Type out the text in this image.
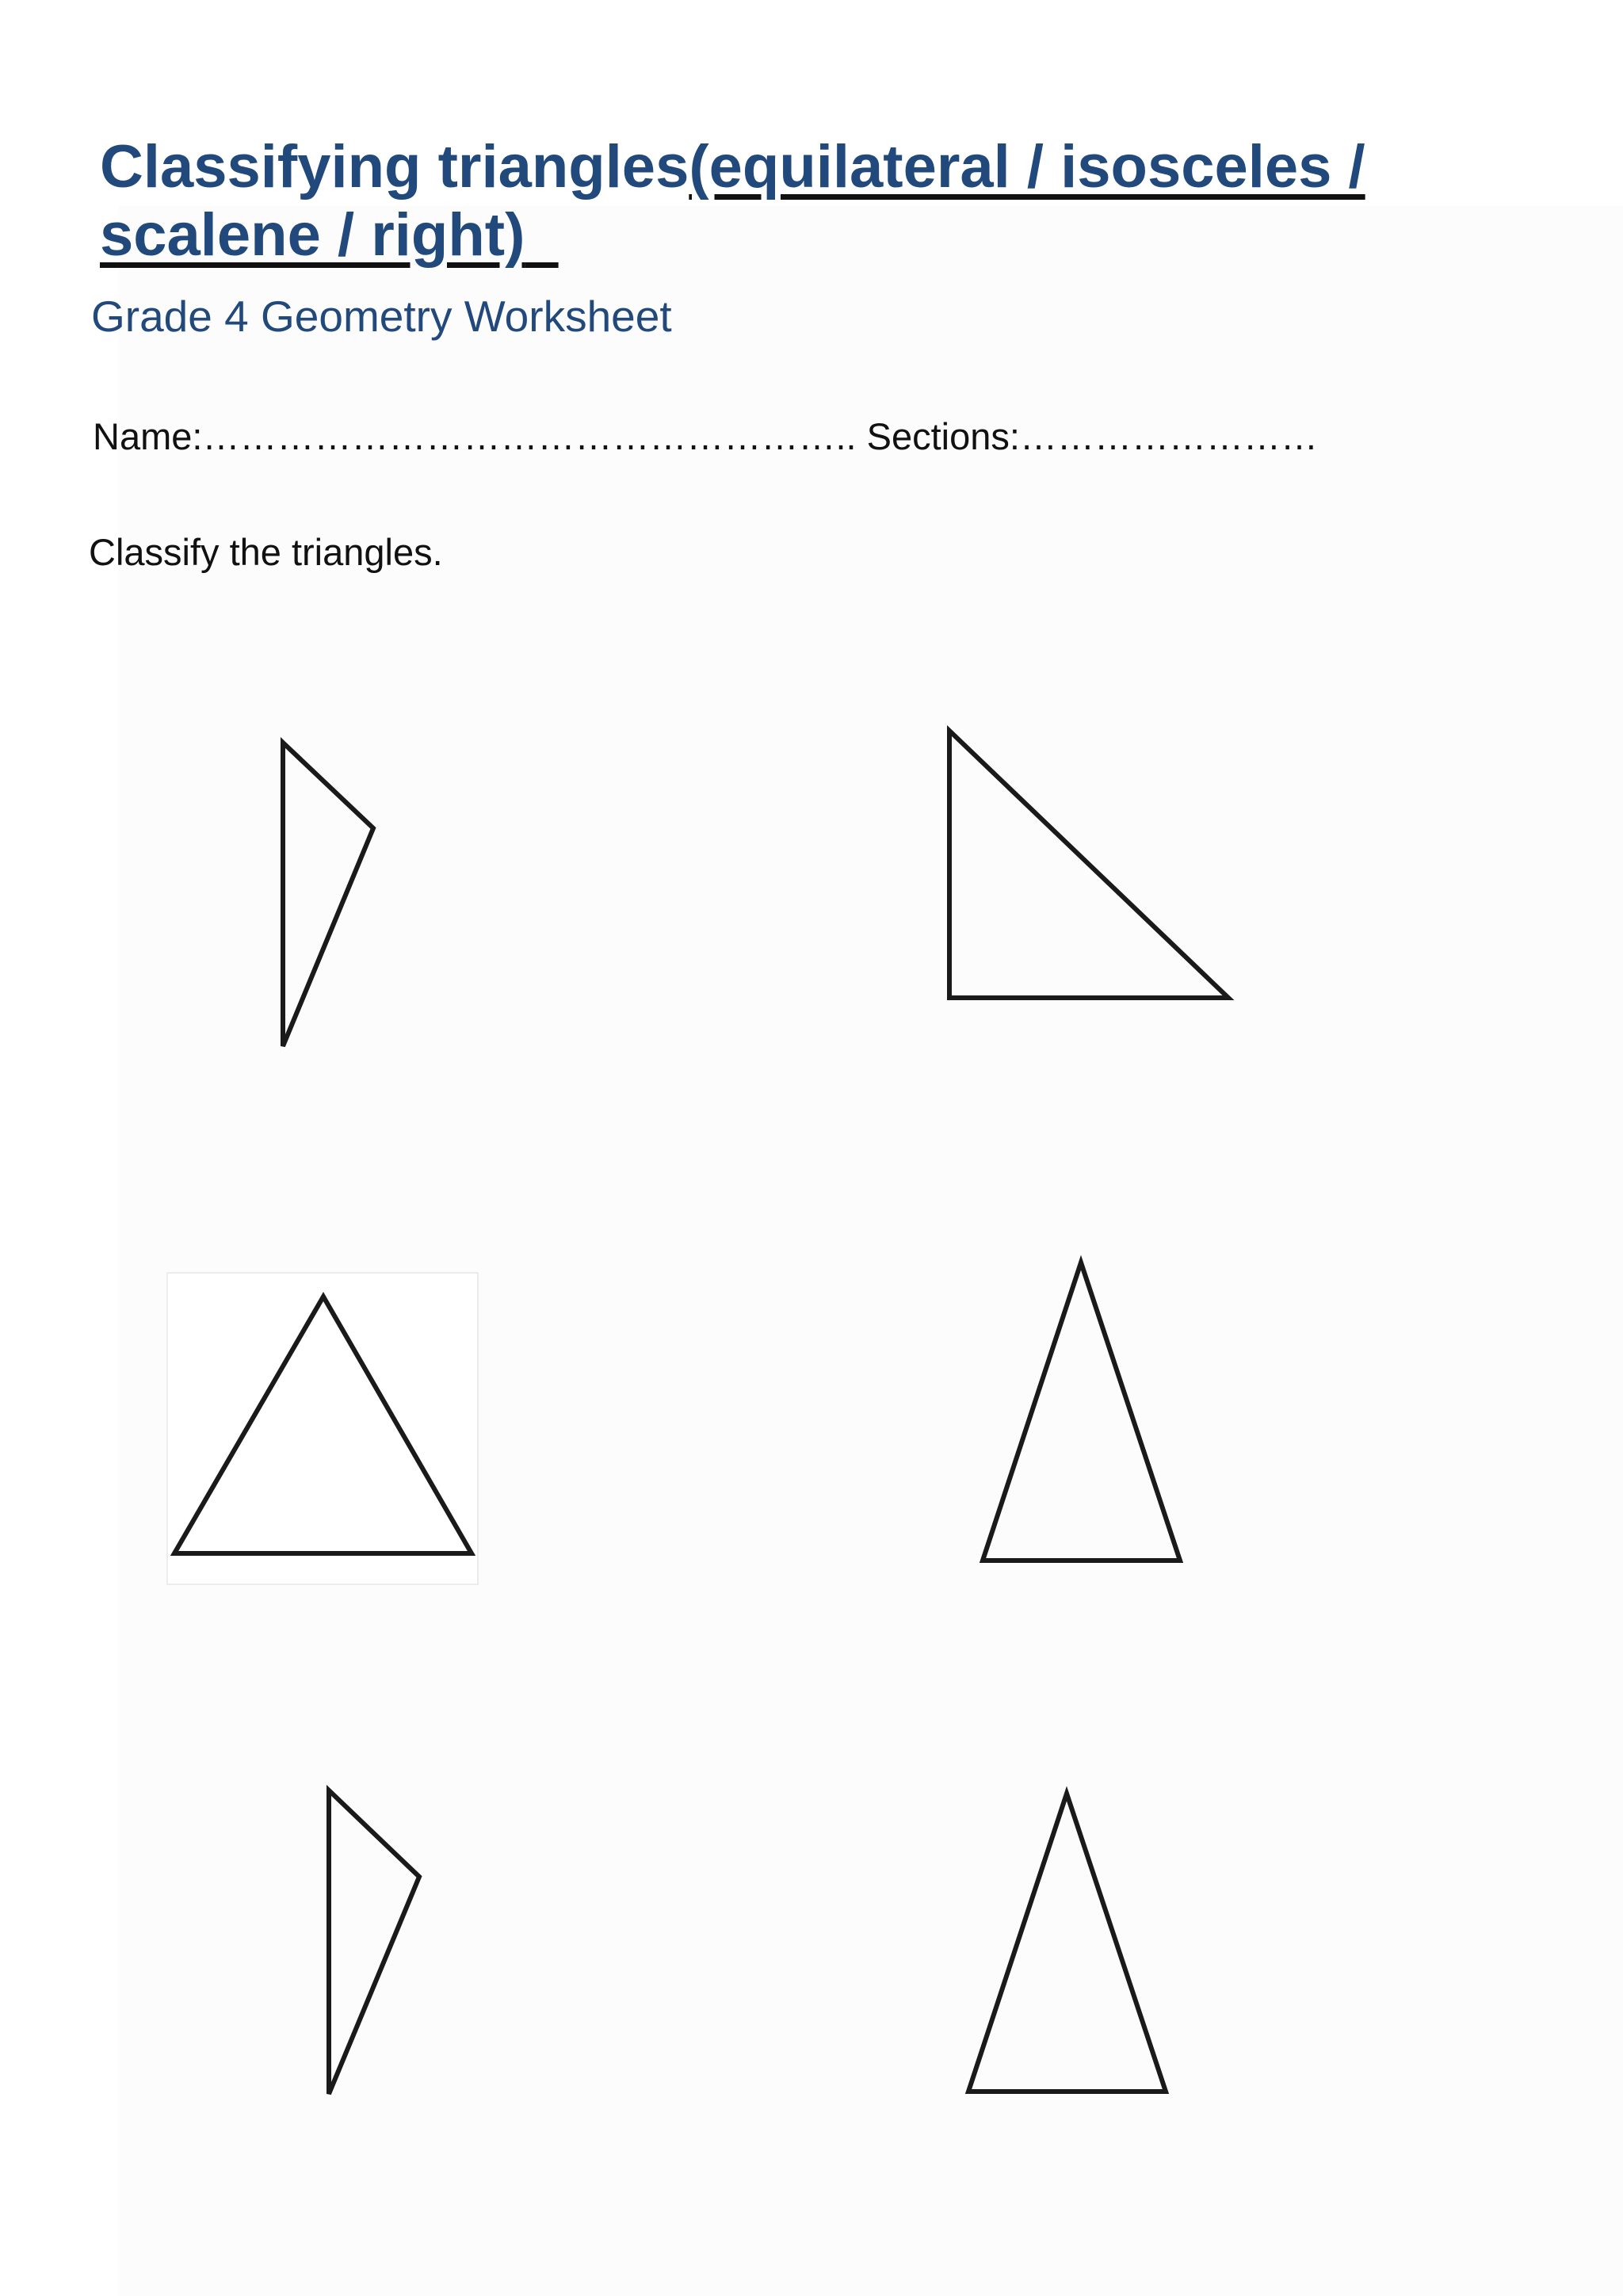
Classifying triangles(equilateral / isosceles /
scalene / right)

Grade 4 Geometry Worksheet

Name:…………………………………………….. Sections:……………………

Classify the triangles.
